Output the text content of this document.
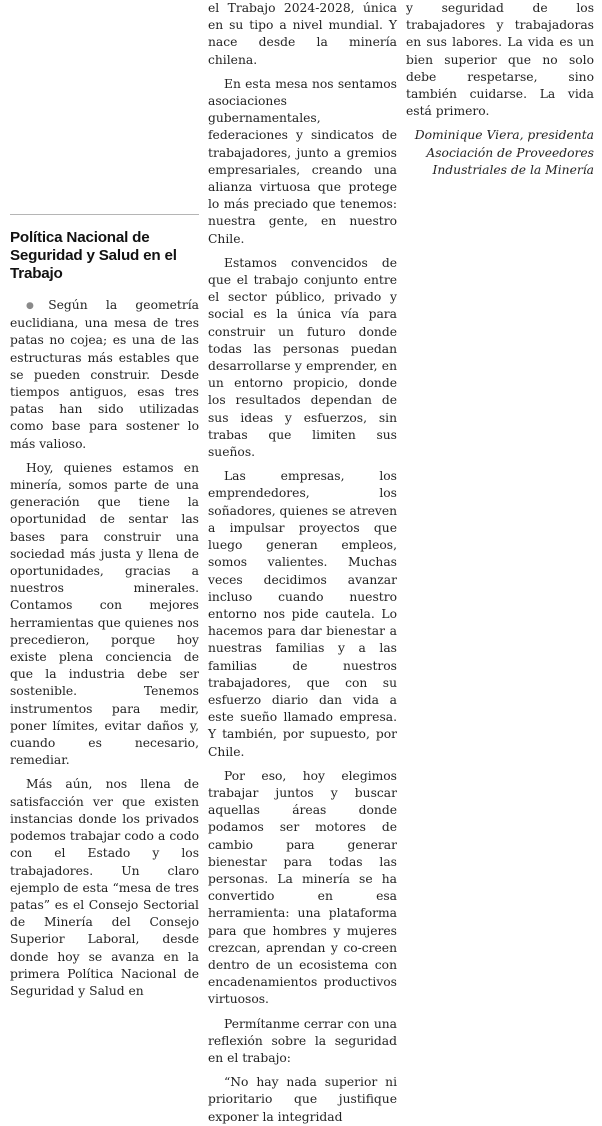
Política Nacional de Seguridad y Salud en el Trabajo

●Según la geometría euclidiana, una mesa de tres patas no cojea; es una de las estructuras más estables que se pueden construir. Desde tiempos antiguos, esas tres patas han sido utilizadas como base para sostener lo más valioso.

Hoy, quienes estamos en minería, somos parte de una generación que tiene la oportunidad de sentar las bases para construir una sociedad más justa y llena de oportunidades, gracias a nuestros minerales. Contamos con mejores herramientas que quienes nos precedieron, porque hoy existe plena conciencia de que la industria debe ser sostenible. Tenemos instrumentos para medir, poner límites, evitar daños y, cuando es necesario, remediar.

Más aún, nos llena de satisfacción ver que existen instancias donde los privados podemos trabajar codo a codo con el Estado y los trabajadores. Un claro ejemplo de esta “mesa de tres patas” es el Consejo Sectorial de Minería del Consejo Superior Laboral, desde donde hoy se avanza en la primera Política Nacional de Seguridad y Salud en

el Trabajo 2024-2028, única en su tipo a nivel mundial. Y nace desde la minería chilena.

En esta mesa nos sentamos asociaciones gubernamentales, federaciones y sindicatos de trabajadores, junto a gremios empresariales, creando una alianza virtuosa que protege lo más preciado que tenemos: nuestra gente, en nuestro Chile.

Estamos convencidos de que el trabajo conjunto entre el sector público, privado y social es la única vía para construir un futuro donde todas las personas puedan desarrollarse y emprender, en un entorno propicio, donde los resultados dependan de sus ideas y esfuerzos, sin trabas que limiten sus sueños.

Las empresas, los emprendedores, los soñadores, quienes se atreven a impulsar proyectos que luego generan empleos, somos valientes. Muchas veces decidimos avanzar incluso cuando nuestro entorno nos pide cautela. Lo hacemos para dar bienestar a nuestras familias y a las familias de nuestros trabajadores, que con su esfuerzo diario dan vida a este sueño llamado empresa. Y también, por supuesto, por Chile.

Por eso, hoy elegimos trabajar juntos y buscar aquellas áreas donde podamos ser motores de cambio para generar bienestar para todas las personas. La minería se ha convertido en esa herramienta: una plataforma para que hombres y mujeres crezcan, aprendan y co-creen dentro de un ecosistema con encadenamientos productivos virtuosos.

Permítanme cerrar con una reflexión sobre la seguridad en el trabajo:

“No hay nada superior ni prioritario que justifique exponer la integridad

y seguridad de los trabajadores y trabajadoras en sus labores. La vida es un bien superior que no solo debe respetarse, sino también cuidarse. La vida está primero.

Dominique Viera, presidenta Asociación de Proveedores Industriales de la Minería
